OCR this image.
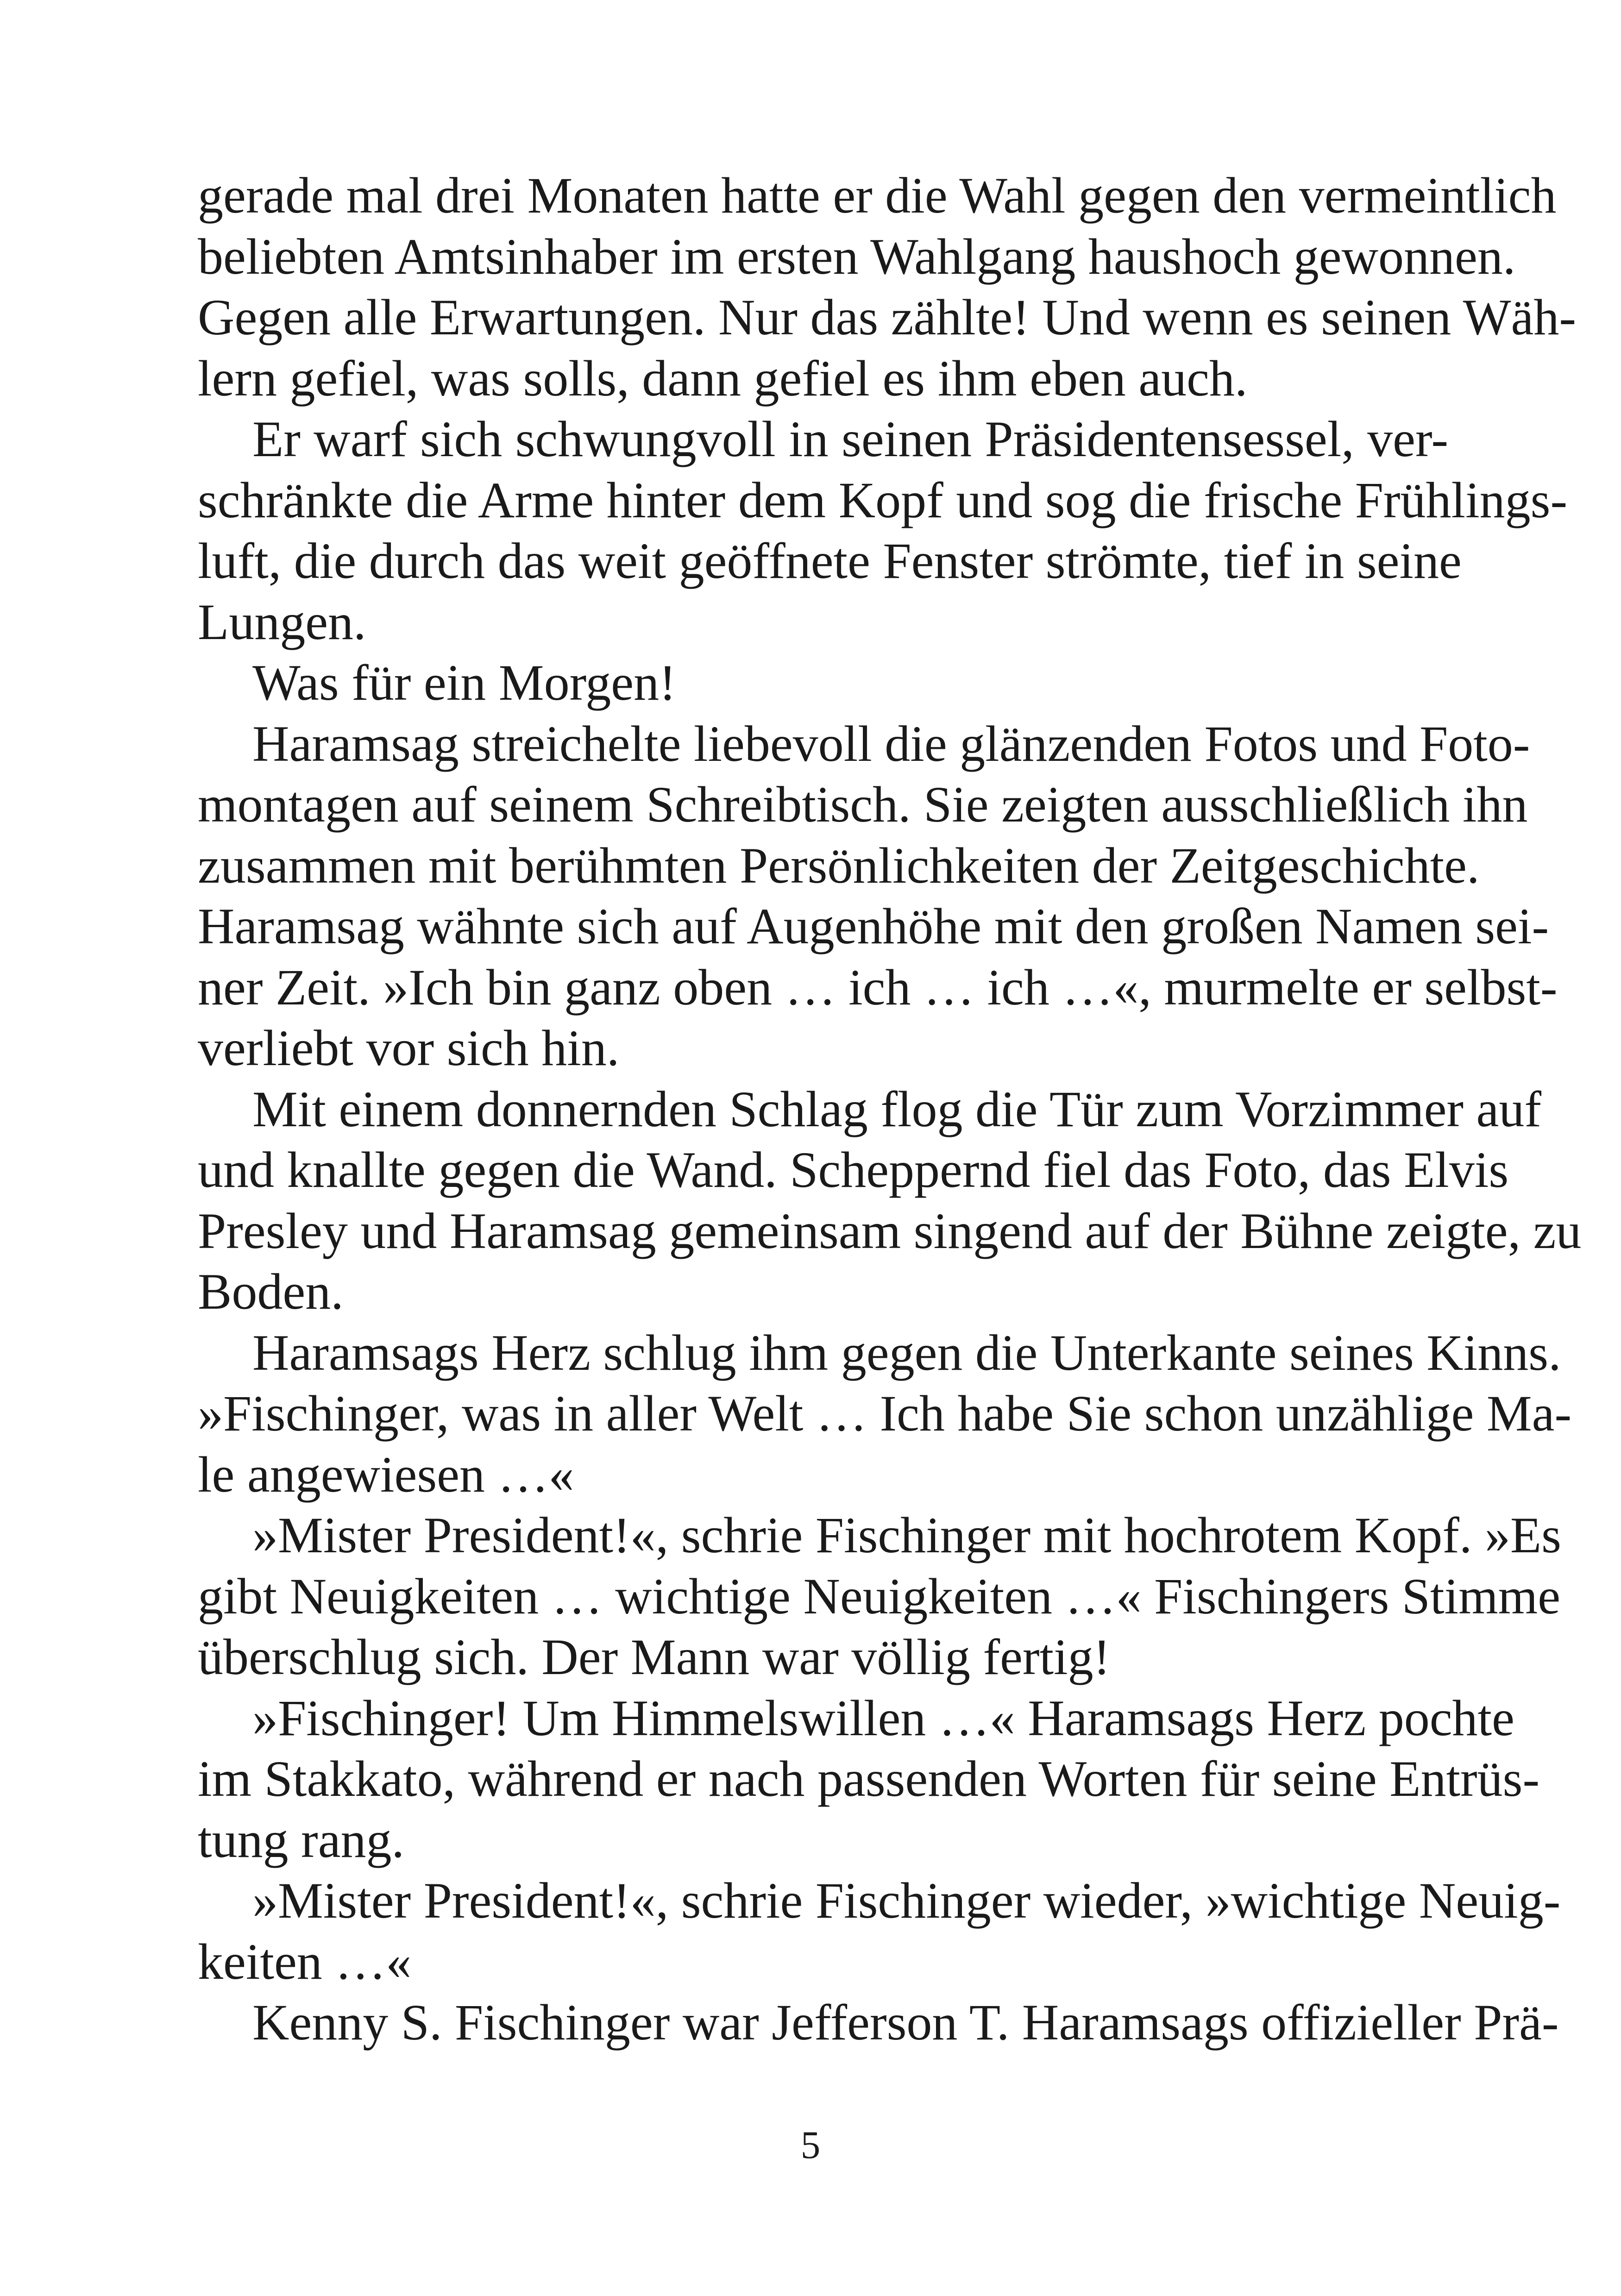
gerade mal drei Monaten hatte er die Wahl gegen den vermeintlich
beliebten Amtsinhaber im ersten Wahlgang haushoch gewonnen.
Gegen alle Erwartungen. Nur das zählte! Und wenn es seinen Wäh-
lern gefiel, was solls, dann gefiel es ihm eben auch.
Er warf sich schwungvoll in seinen Präsidentensessel, ver-
schränkte die Arme hinter dem Kopf und sog die frische Frühlings-
luft, die durch das weit geöffnete Fenster strömte, tief in seine
Lungen.
Was für ein Morgen!
Haramsag streichelte liebevoll die glänzenden Fotos und Foto-
montagen auf seinem Schreibtisch. Sie zeigten ausschließlich ihn
zusammen mit berühmten Persönlichkeiten der Zeitgeschichte.
Haramsag wähnte sich auf Augenhöhe mit den großen Namen sei-
ner Zeit. »Ich bin ganz oben … ich … ich …«, murmelte er selbst-
verliebt vor sich hin.
Mit einem donnernden Schlag flog die Tür zum Vorzimmer auf
und knallte gegen die Wand. Scheppernd fiel das Foto, das Elvis
Presley und Haramsag gemeinsam singend auf der Bühne zeigte, zu
Boden.
Haramsags Herz schlug ihm gegen die Unterkante seines Kinns.
»Fischinger, was in aller Welt … Ich habe Sie schon unzählige Ma-
le angewiesen …«
»Mister President!«, schrie Fischinger mit hochrotem Kopf. »Es
gibt Neuigkeiten … wichtige Neuigkeiten …« Fischingers Stimme
überschlug sich. Der Mann war völlig fertig!
»Fischinger! Um Himmelswillen …« Haramsags Herz pochte
im Stakkato, während er nach passenden Worten für seine Entrüs-
tung rang.
»Mister President!«, schrie Fischinger wieder, »wichtige Neuig-
keiten …«
Kenny S. Fischinger war Jefferson T. Haramsags offizieller Prä-
5
